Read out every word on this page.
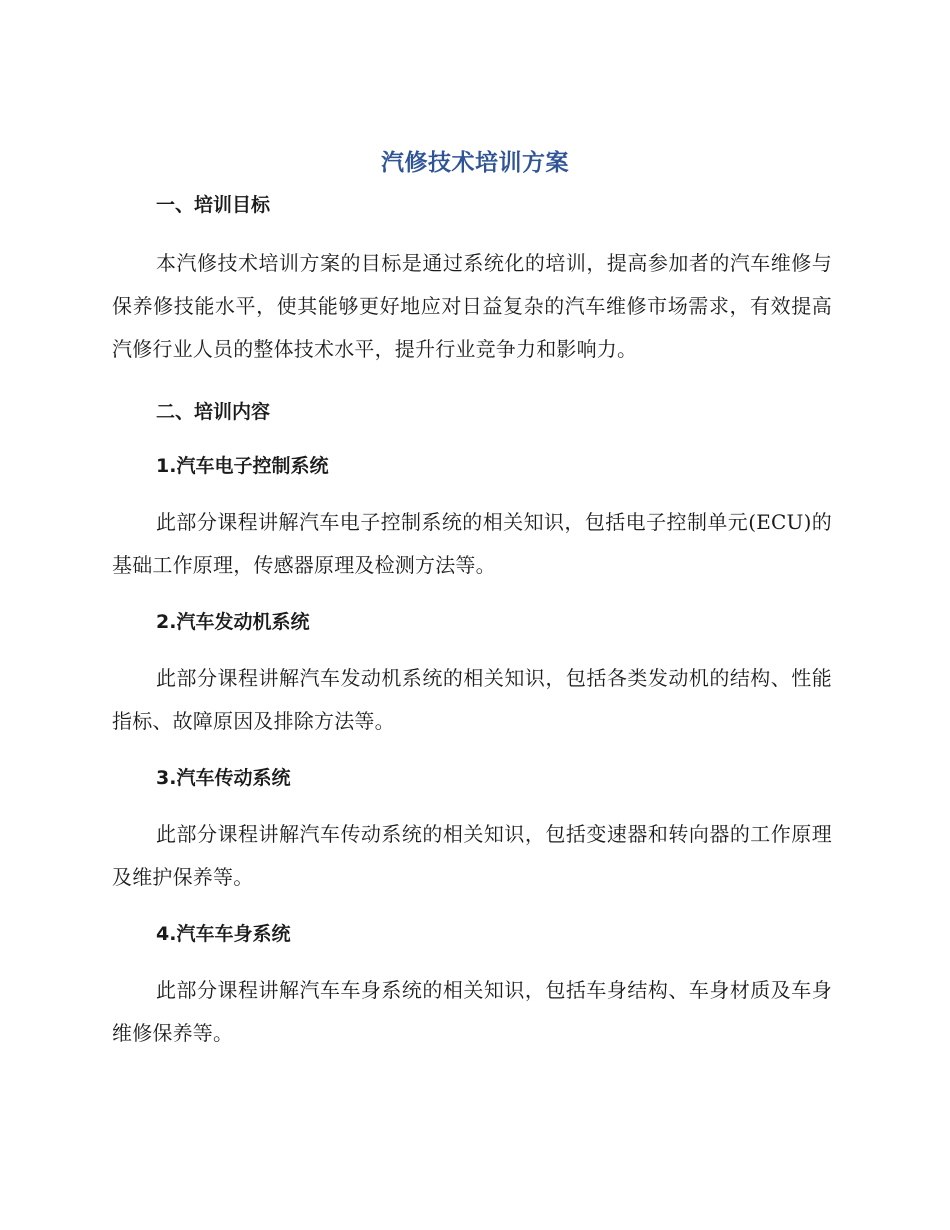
汽修技术培训方案
一、培训目标

本汽修技术培训方案的目标是通过系统化的培训，提高参加者的汽车维修与保养修技能水平，使其能够更好地应对日益复杂的汽车维修市场需求，有效提高汽修行业人员的整体技术水平，提升行业竞争力和影响力。

二、培训内容
1.汽车电子控制系统

此部分课程讲解汽车电子控制系统的相关知识，包括电子控制单元(ECU)的基础工作原理，传感器原理及检测方法等。

2.汽车发动机系统

此部分课程讲解汽车发动机系统的相关知识，包括各类发动机的结构、性能指标、故障原因及排除方法等。

3.汽车传动系统

此部分课程讲解汽车传动系统的相关知识，包括变速器和转向器的工作原理及维护保养等。

4.汽车车身系统

此部分课程讲解汽车车身系统的相关知识，包括车身结构、车身材质及车身维修保养等。
